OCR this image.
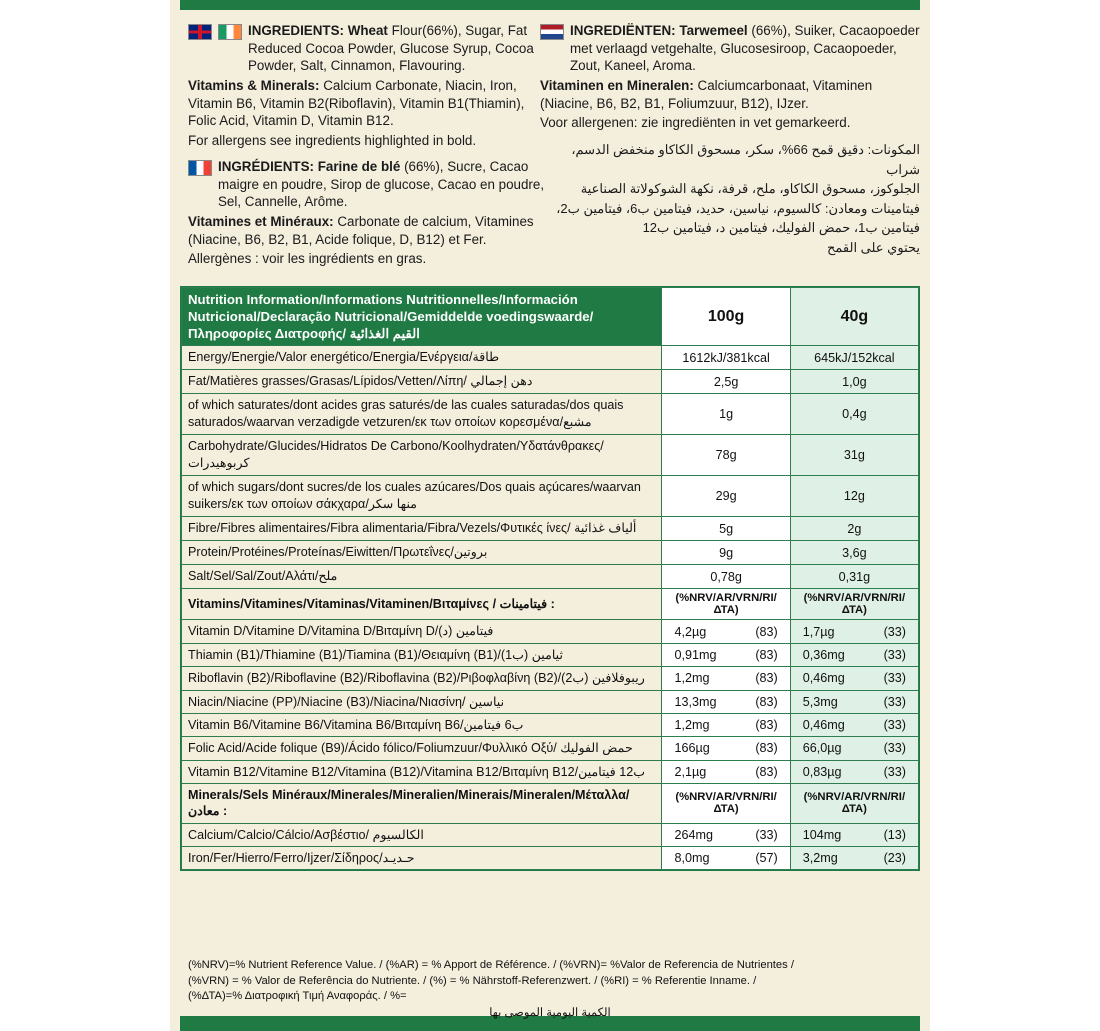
INGREDIENTS: Wheat Flour(66%), Sugar, Fat Reduced Cocoa Powder, Glucose Syrup, Cocoa Powder, Salt, Cinnamon, Flavouring.
Vitamins & Minerals: Calcium Carbonate, Niacin, Iron, Vitamin B6, Vitamin B2(Riboflavin), Vitamin B1(Thiamin), Folic Acid, Vitamin D, Vitamin B12.
For allergens see ingredients highlighted in bold.
INGRÉDIENTS: Farine de blé (66%), Sucre, Cacao maigre en poudre, Sirop de glucose, Cacao en poudre, Sel, Cannelle, Arôme.
Vitamines et Minéraux: Carbonate de calcium, Vitamines (Niacine, B6, B2, B1, Acide folique, D, B12) et Fer.
Allergènes : voir les ingrédients en gras.
INGREDIËNTEN: Tarwemeel (66%), Suiker, Cacaopoeder met verlaagd vetgehalte, Glucosesiroop, Cacaopoeder, Zout, Kaneel, Aroma.
Vitaminen en Mineralen: Calciumcarbonaat, Vitaminen (Niacine, B6, B2, B1, Foliumzuur, B12), IJzer.
Voor allergenen: zie ingrediënten in vet gemarkeerd.
المكونات: دقيق قمح 66%، سكر، مسحوق الكاكاو منخفض الدسم، شراب
الجلوكوز، مسحوق الكاكاو، ملح، قرفة، نكهة الشوكولاتة الصناعية
فيتامينات ومعادن: كالسيوم، نياسين، حديد، فيتامين ب6، فيتامين ب2،
فيتامين ب1، حمض الفوليك، فيتامين د، فيتامين ب12
يحتوي على القمح
Nutrition Information/Informations Nutritionnelles/Información Nutricional/Declaração Nutricional/Gemiddelde voedingswaarde/Πληροφορίες Διατροφής/ القيم الغذائية	100g	40g
Energy/Energie/Valor energético/Energia/Ενέργεια/طاقة	1612kJ/381kcal	645kJ/152kcal
Fat/Matières grasses/Grasas/Lípidos/Vetten/Λίπη/ دهن إجمالي	2,5g	1,0g
of which saturates/dont acides gras saturés/de las cuales saturadas/dos quais saturados/waarvan verzadigde vetzuren/εκ των οποίων κορεσμένα/مشبع	1g	0,4g
Carbohydrate/Glucides/Hidratos De Carbono/Koolhydraten/Υδατάνθρακες/ كربوهيدرات	78g	31g
of which sugars/dont sucres/de los cuales azúcares/Dos quais açúcares/waarvan suikers/εκ των οποίων σάκχαρα/منها سكر	29g	12g
Fibre/Fibres alimentaires/Fibra alimentaria/Fibra/Vezels/Φυτικές ίνες/ ألياف غذائية	5g	2g
Protein/Protéines/Proteínas/Eiwitten/Πρωτεΐνες/بروتين	9g	3,6g
Salt/Sel/Sal/Zout/Αλάτι/ملح	0,78g	0,31g
Vitamins/Vitamines/Vitaminas/Vitaminen/Βιταμίνες / فيتامينات :	(%NRV/AR/VRN/RI/ΔΤΑ)	(%NRV/AR/VRN/RI/ΔΤΑ)
Vitamin D/Vitamine D/Vitamina D/Βιταμίνη D/(د) فيتامين	4,2µg (83)	1,7µg (33)

Thiamin (B1)/Thiamine (B1)/Tiamina (B1)/Θειαμίνη (B1)/(ب1) ثيامين	0,91mg (83)	0,36mg (33)

Riboflavin (B2)/Riboflavine (B2)/Riboflavina (B2)/Ριβοφλαβίνη (B2)/(ب2) ريبوفلافين	1,2mg (83)	0,46mg (33)

Niacin/Niacine (PP)/Niacine (B3)/Niacina/Νιασίνη/ نياسين	13,3mg (83)	5,3mg (33)

Vitamin B6/Vitamine B6/Vitamina B6/Βιταμίνη B6/ب6 فيتامين	1,2mg (83)	0,46mg (33)

Folic Acid/Acide folique (B9)/Ácido fólico/Foliumzuur/Φυλλικό Οξύ/ حمض الفوليك	166µg (83)	66,0µg (33)

Vitamin B12/Vitamine B12/Vitamina (B12)/Vitamina B12/Βιταμίνη B12/ب12 فيتامين	2,1µg (83)	0,83µg (33)

Minerals/Sels Minéraux/Minerales/Mineralien/Minerais/Mineralen/Μέταλλα/ معادن :	(%NRV/AR/VRN/RI/ΔΤΑ)	(%NRV/AR/VRN/RI/ΔΤΑ)
Calcium/Calcio/Cálcio/Ασβέστιο/ الكالسيوم	264mg (33)	104mg (13)

Iron/Fer/Hierro/Ferro/Ijzer/Σίδηρος/حـديـد	8,0mg (57)	3,2mg (23)
(%NRV)=% Nutrient Reference Value. / (%AR) = % Apport de Référence. / (%VRN)= %Valor de Referencia de Nutrientes /
(%VRN) = % Valor de Referência do Nutriente. / (%) = % Nährstoff-Referenzwert. / (%RI) = % Referentie Inname. /
(%ΔΤΑ)=% Διατροφική Τιμή Αναφοράς. / %=
الكمية اليومية الموصى بها
